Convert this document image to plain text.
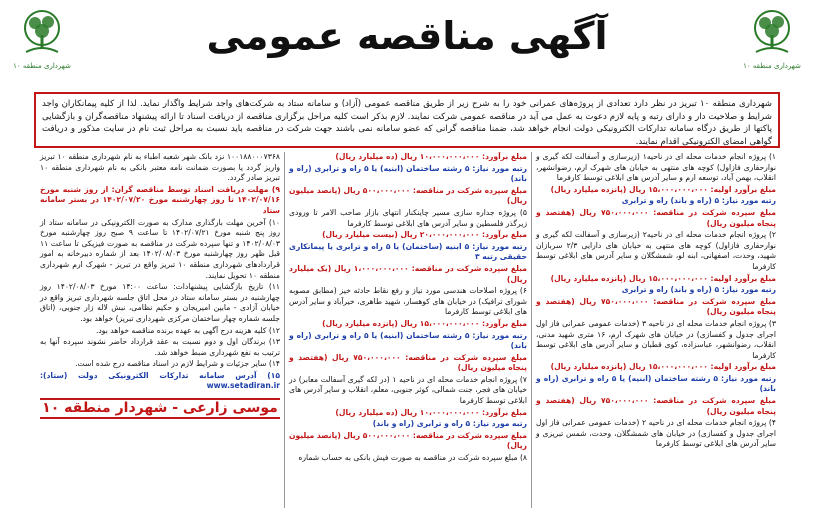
شهرداری منطقه ۱۰
آگهی مناقصه عمومی
شهرداری منطقه ۱۰
شهرداری منطقه ۱۰ تبریز در نظر دارد تعدادی از پروژه‌های عمرانی خود را به شرح زیر از طریق مناقصه عمومی (آزاد) و سامانه ستاد به شرکت‌های واجد شرایط واگذار نماید. لذا از کلیه پیمانکاران واجد شرایط و صلاحیت دار و دارای رتبه و پایه لازم دعوت به عمل می آید در مناقصه عمومی شرکت نمایند. لازم بذکر است کلیه مراحل برگزاری مناقصه از دریافت اسناد تا ارائه پیشنهاد مناقصه‌گران و بازگشایی پاکتها از طریق درگاه سامانه تدارکات الکترونیکی دولت انجام خواهد شد، ضمنا مناقصه گرانی که عضو سامانه نمی باشند جهت شرکت در مناقصه باید نسبت به مراحل ثبت نام در سایت مذکور و دریافت گواهی امضای الکترونیکی اقدام نمایند.
۱) پروژه انجام خدمات محله ای در ناحیه۱ (زیرسازی و آسفالت لکه گیری و نوارحفاری فازاول) کوچه های منتهی به خیابان های شهرک ارم، رضوانشهر، انقلاب، بهمن آباد، توسعه ارم و سایر آدرس های ابلاغی توسط کارفرما
مبلغ برآورد اولیه: ۱۵،۰۰۰،۰۰۰،۰۰۰ ریال (پانزده میلیارد ریال)
رتبه مورد نیاز: ۵ (راه و باند) راه و ترابری
مبلغ سپرده شرکت در مناقصه: ۷۵۰،۰۰۰،۰۰۰ ریال (هفتصد و پنجاه میلیون ریال)
۲) پروژه انجام خدمات محله ای در ناحیه۲ (زیرسازی و آسفالت لکه گیری و نوارحفاری فازاول) کوچه های منتهی به خیابان های دارایی ۲/۳ سربازان شهید، وحدت، اصفهانی، ابنه لو، شمشگلان و سایر آدرس های ابلاغی توسط کارفرما
مبلغ برآورد اولیه: ۱۵،۰۰۰،۰۰۰،۰۰۰ ریال (پانزده میلیارد ریال)
رتبه مورد نیاز: ۵ (راه و باند) راه و ترابری
مبلغ سپرده شرکت در مناقصه: ۷۵۰،۰۰۰،۰۰۰ ریال (هفتصد و پنجاه میلیون ریال)
۳) پروژه انجام خدمات محله ای در ناحیه ۳ (خدمات عمومی عمرانی فاز اول اجرای جدول و کفسازی) در خیابان های شهرک ارم، ۱۶ متری شهید مدنی، انقلاب، رضوانشهر، عباسزاده، کوی قطبان و سایر آدرس های ابلاغی توسط کارفرما
مبلغ برآورد اولیه: ۱۵،۰۰۰،۰۰۰،۰۰۰ ریال (پانزده میلیارد ریال)
رتبه مورد نیاز: ۵ رشته ساختمان (ابنیه) یا ۵ راه و ترابری (راه و باند)
مبلغ سپرده شرکت در مناقصه: ۷۵۰،۰۰۰،۰۰۰ ریال (هفتصد و پنجاه میلیون ریال)
۴) پروژه انجام خدمات محله ای در ناحیه ۲ (خدمات عمومی عمرانی فاز اول اجرای جدول و کفسازی) در خیابان های شمشگلان، وحدت، شمس تبریزی و سایر آدرس های ابلاغی توسط کارفرما
مبلغ برآورد: ۱۰،۰۰۰،۰۰۰،۰۰۰ ریال (ده میلیارد ریال)
رتبه مورد نیاز: ۵ رشته ساختمان (ابنیه) یا ۵ راه و ترابری (راه و باند)
مبلغ سپرده شرکت در مناقصه: ۵۰۰،۰۰۰،۰۰۰ ریال (پانصد میلیون ریال)
۵) پروژه جداره سازی مسیر چاینکنار انتهای بازار صاحب الامر تا ورودی زیرگذر فلسطین و سایر آدرس های ابلاغی توسط کارفرما
مبلغ برآورد: ۲۰،۰۰۰،۰۰۰،۰۰۰ ریال (بیست میلیارد ریال)
رتبه مورد نیاز: ۵ ابنیه (ساختمان) یا ۵ راه و ترابری یا پیمانکاری حقیقی رتبه ۳
مبلغ سپرده شرکت در مناقصه: ۱،۰۰۰،۰۰۰،۰۰۰ ریال (یک میلیارد ریال)
۶) پروژه اصلاحات هندسی مورد نیاز و رفع نقاط حادثه خیز (مطابق مصوبه شورای ترافیک) در خیابان های کوهسار، شهید طاهری، خیرآباد و سایر آدرس های ابلاغی توسط کارفرما
مبلغ برآورد: ۱۵،۰۰۰،۰۰۰،۰۰۰ ریال (پانزده میلیارد ریال)
رتبه مورد نیاز: ۵ رشته ساختمان (ابنیه) یا ۵ راه و ترابری (راه و باند)
مبلغ سپرده شرکت در مناقصه: ۷۵۰،۰۰۰،۰۰۰ ریال (هفتصد و پنجاه میلیون ریال)
۷) پروژه انجام خدمات محله ای در ناحیه ۱ (در لکه گیری آسفالت معابر) در خیابان های فجر، جنت شمالی، کوثر جنوبی، معلم، انقلاب و سایر آدرس های ابلاغی توسط کارفرما
مبلغ برآورد: ۱۰،۰۰۰،۰۰۰،۰۰۰ ریال (ده میلیارد ریال)
رتبه مورد نیاز: ۵ راه و ترابری (راه و باند)
مبلغ سپرده شرکت در مناقصه: ۵۰۰،۰۰۰،۰۰۰ ریال (پانصد میلیون ریال)
۸) مبلغ سپرده شرکت در مناقصه به صورت فیش بانکی به حساب شماره
۱۰۰۱۸۸۰۰۰۷۳۶۸ نزد بانک شهر شعبه اطباء به نام شهرداری منطقه ۱۰ تبریز واریز گردد یا بصورت ضمانت نامه معتبر بانکی به نام شهرداری منطقه ۱۰ تبریز صادر گردد.
۹) مهلت دریافت اسناد توسط مناقصه گران: از روز شنبه مورخ ۱۴۰۲/۰۷/۱۶ تا روز چهارشنبه مورخ ۱۴۰۲/۰۷/۲۰ در بستر سامانه ستاد
۱۰) آخرین مهلت بارگذاری مدارک به صورت الکترونیکی در سامانه ستاد از روز پنج شنبه مورخ ۱۴۰۲/۰۷/۲۱ تا ساعت ۹ صبح روز چهارشنبه مورخ ۱۴۰۲/۰۸/۰۳ و تنها سپرده شرکت در مناقصه به صورت فیزیکی تا ساعت ۱۱ قبل ظهر روز چهارشنبه مورخ ۱۴۰۲/۰۸/۰۳ بعد از شماره دبیرخانه به امور قراردادهای شهرداری منطقه ۱۰ تبریز واقع در تبریز - شهرک ارم شهرداری منطقه ۱۰ تحویل نمایند.
۱۱) تاریخ بازگشایی پیشنهادات: ساعت ۱۴:۰۰ مورخ ۱۴۰۲/۰۸/۰۳ روز چهارشنبه در بستر سامانه ستاد در محل اتاق جلسه شهرداری تبریز واقع در خیابان آزادی - مابین امیریجان و حکیم نظامی، نبش لاله زار جنوبی، (اتاق جلسه شماره چهار ساختمان مرکزی شهرداری تبریز) خواهد بود.
۱۲) کلیه هزینه درج آگهی به عهده برنده مناقصه خواهد بود.
۱۳) برندگان اول و دوم نسبت به عقد قرارداد حاضر نشوند سپرده آنها به ترتیب به نفع شهرداری ضبط خواهد شد.
۱۴) سایر جزئیات و شرایط لازم در اسناد مناقصه درج شده است.
۱۵) آدرس سامانه تدارکات الکترونیکی دولت (ستاد): www.setadiran.ir
موسی زارعی - شهردار منطقه ۱۰
